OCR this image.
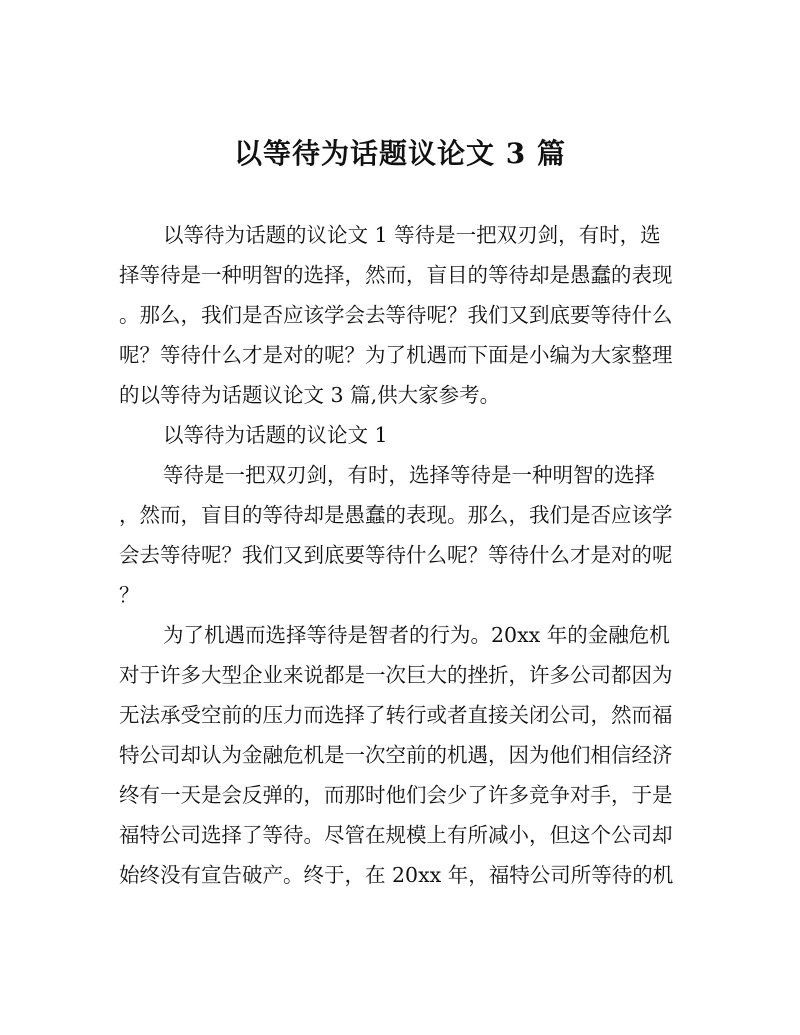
以等待为话题议论文 3 篇
以等待为话题的议论文 1 等待是一把双刃剑，有时，选
择等待是一种明智的选择，然而，盲目的等待却是愚蠢的表现
。那么，我们是否应该学会去等待呢？我们又到底要等待什么
呢？等待什么才是对的呢？为了机遇而下面是小编为大家整理
的以等待为话题议论文 3 篇,供大家参考。
以等待为话题的议论文 1
等待是一把双刃剑，有时，选择等待是一种明智的选择
，然而，盲目的等待却是愚蠢的表现。那么，我们是否应该学
会去等待呢？我们又到底要等待什么呢？等待什么才是对的呢
？
为了机遇而选择等待是智者的行为。20xx 年的金融危机
对于许多大型企业来说都是一次巨大的挫折，许多公司都因为
无法承受空前的压力而选择了转行或者直接关闭公司，然而福
特公司却认为金融危机是一次空前的机遇，因为他们相信经济
终有一天是会反弹的，而那时他们会少了许多竞争对手，于是
福特公司选择了等待。尽管在规模上有所减小，但这个公司却
始终没有宣告破产。终于，在 20xx 年，福特公司所等待的机
